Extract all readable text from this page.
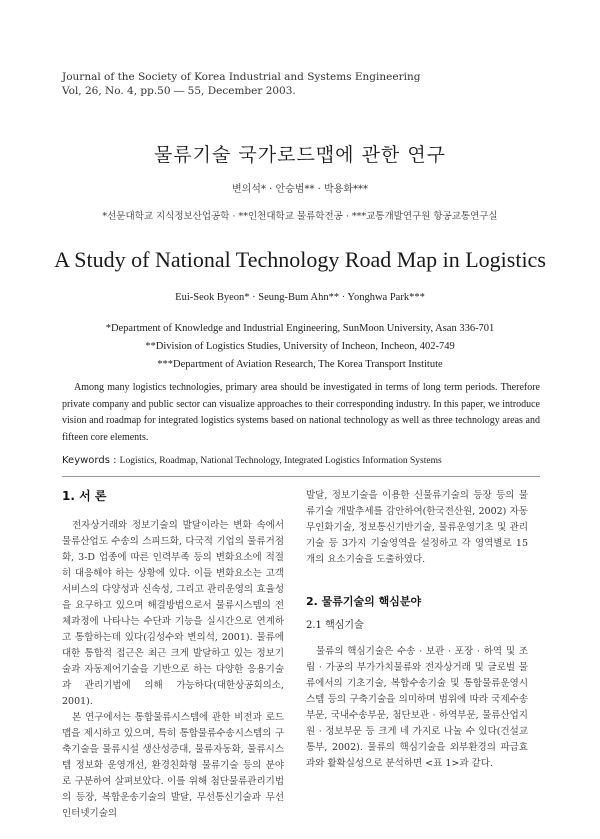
Journal of the Society of Korea Industrial and Systems Engineering
Vol, 26, No. 4, pp.50 ― 55, December 2003.
물류기술 국가로드맵에 관한 연구
변의석* · 안승범** · 박용화***
*선문대학교 지식정보산업공학 · **인천대학교 물류학전공 · ***교통개발연구원 항공교통연구실
A Study of National Technology Road Map in Logistics
Eui-Seok Byeon* · Seung-Bum Ahn** · Yonghwa Park***
*Department of Knowledge and Industrial Engineering, SunMoon University, Asan 336-701
**Division of Logistics Studies, University of Incheon, Incheon, 402-749
***Department of Aviation Research, The Korea Transport Institute
Among many logistics technologies, primary area should be investigated in terms of long term periods. Therefore private company and public sector can visualize approaches to their corresponding industry. In this paper, we introduce vision and roadmap for integrated logistics systems based on national technology as well as three technology areas and fifteen core elements.
Keywords : Logistics, Roadmap, National Technology, Integrated Logistics Information Systems
1. 서 론

전자상거래와 정보기술의 발달이라는 변화 속에서 물류산업도 수송의 스피드화, 다국적 기업의 물류거점화, 3-D 업종에 따른 인력부족 등의 변화요소에 적절히 대응해야 하는 상황에 있다. 이들 변화요소는 고객 서비스의 다양성과 신속성, 그리고 관리운영의 효율성을 요구하고 있으며 해결방법으로서 물류시스템의 전체과정에 나타나는 수단과 기능을 실시간으로 연계하고 통합하는데 있다(김성수와 변의석, 2001). 물류에 대한 통합적 접근은 최근 크게 발달하고 있는 정보기술과 자동제어기술을 기반으로 하는 다양한 응용기술과 관리기법에 의해 가능하다(대한상공회의소, 2001).

본 연구에서는 통합물류시스템에 관한 비전과 로드맵을 제시하고 있으며, 특히 통합물류수송시스템의 구축기술을 물류시설 생산성증대, 물류자동화, 물류시스템 정보화 운영개선, 환경친화형 물류기술 등의 분야로 구분하여 살펴보았다. 이를 위해 첨단물류관리기법의 등장, 복합운송기술의 발달, 무선통신기술과 무선인터넷기술의

발달, 정보기술을 이용한 신물류기술의 등장 등의 물류기술 개발추세를 감안하여(한국전산원, 2002) 자동무인화기술, 정보통신기반기술, 물류운영기초 및 관리기술 등 3가지 기술영역을 설정하고 각 영역별로 15개의 요소기술을 도출하였다.

2. 물류기술의 핵심분야
2.1 핵심기술

물류의 핵심기술은 수송 · 보관 · 포장 · 하역 및 조립 · 가공의 부가가치물류와 전자상거래 및 글로벌 물류에서의 기초기술, 복합수송기술 및 통합물류운영시스템 등의 구축기술을 의미하며 범위에 따라 국제수송부문, 국내수송부문, 첨단보관 · 하역부문, 물류산업지원 · 정보부문 등 크게 네 가지로 나눌 수 있다(건설교통부, 2002). 물류의 핵심기술을 외부환경의 파급효과와 활확실성으로 분석하면 <표 1>과 같다.
